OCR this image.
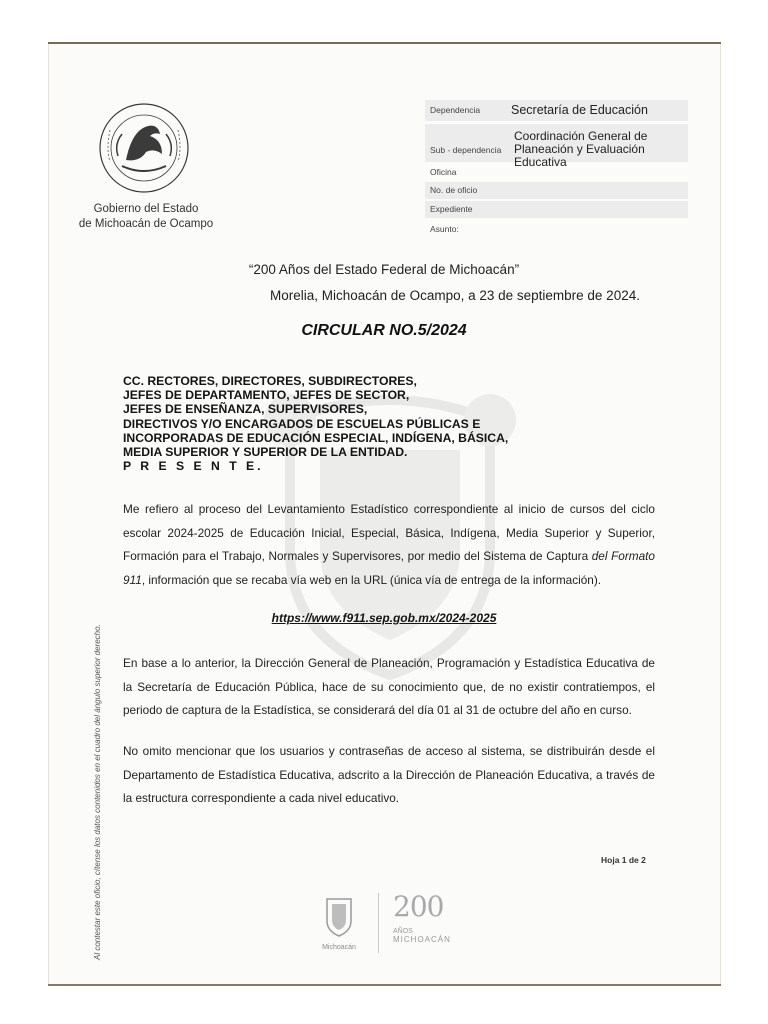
Gobierno del Estado
de Michoacán de Ocampo
Dependencia Secretaría de Educación
Sub - dependencia
Coordinación General de Planeación y Evaluación Educativa
Oficina
No. de oficio
Expediente
Asunto:
“200 Años del Estado Federal de Michoacán”
Morelia, Michoacán de Ocampo, a 23 de septiembre de 2024.
CIRCULAR NO.5/2024
CC. RECTORES, DIRECTORES, SUBDIRECTORES,
JEFES DE DEPARTAMENTO, JEFES DE SECTOR,
JEFES DE ENSEÑANZA, SUPERVISORES,
DIRECTIVOS Y/O ENCARGADOS DE ESCUELAS PÚBLICAS E
INCORPORADAS DE EDUCACIÓN ESPECIAL, INDÍGENA, BÁSICA,
MEDIA SUPERIOR Y SUPERIOR DE LA ENTIDAD.
P R E S E N T E.
Me refiero al proceso del Levantamiento Estadístico correspondiente al inicio de cursos del ciclo escolar 2024-2025 de Educación Inicial, Especial, Básica, Indígena, Media Superior y Superior, Formación para el Trabajo, Normales y Supervisores, por medio del Sistema de Captura del Formato 911, información que se recaba vía web en la URL (única vía de entrega de la información).
https://www.f911.sep.gob.mx/2024-2025
En base a lo anterior, la Dirección General de Planeación, Programación y Estadística Educativa de la Secretaría de Educación Pública, hace de su conocimiento que, de no existir contratiempos, el periodo de captura de la Estadística, se considerará del día 01 al 31 de octubre del año en curso.
No omito mencionar que los usuarios y contraseñas de acceso al sistema, se distribuirán desde el Departamento de Estadística Educativa, adscrito a la Dirección de Planeación Educativa, a través de la estructura correspondiente a cada nivel educativo.
Hoja 1 de 2
Al contestar este oficio, cítense los datos contenidos en el cuadro del ángulo superior derecho.	Michoacán
200
AÑOS
MICHOACÁN
